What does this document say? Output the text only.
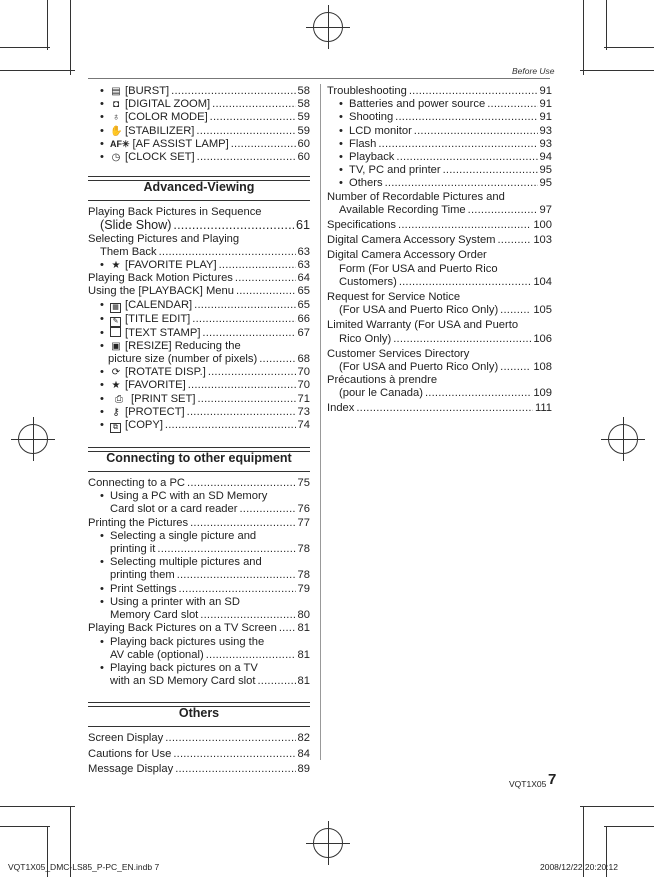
Before Use
• ▤ [BURST] .....	58
• ◘ [DIGITAL ZOOM] .....	58
• ♁ [COLOR MODE] .....	59
• ✋ [STABILIZER] .....	59
• AF✳ [AF ASSIST LAMP] .....	60
• ◷ [CLOCK SET] .....	60
Advanced-Viewing
Playing Back Pictures in Sequence
(Slide Show) .....	61
Selecting Pictures and Playing
Them Back .....	63
• ★ [FAVORITE PLAY] .....	63
Playing Back Motion Pictures .....	64
Using the [PLAYBACK] Menu .....	65
• ▦ [CALENDAR] .....	65
• ✎ [TITLE EDIT] .....	66
• [TEXT STAMP] .....	67
• ▣ [RESIZE] Reducing the
picture size (number of pixels) .....	68
• ⟳ [ROTATE DISP.] .....	70
• ★ [FAVORITE] .....	70
• ⎙ [PRINT SET] .....	71
• ⚷ [PROTECT] .....	73
• ⧉ [COPY] .....	74
Connecting to other equipment
Connecting to a PC .....	75
• Using a PC with an SD Memory
Card slot or a card reader .....	76
Printing the Pictures .....	77
• Selecting a single picture and
printing it .....	78
• Selecting multiple pictures and
printing them .....	78
• Print Settings .....	79
• Using a printer with an SD
Memory Card slot .....	80
Playing Back Pictures on a TV Screen ..... 81
• Playing back pictures using the
AV cable (optional) .....	81
• Playing back pictures on a TV
with an SD Memory Card slot .....	81
Others
Screen Display .....	82
Cautions for Use .....	84
Message Display .....	89
Troubleshooting .....	91
• Batteries and power source .....	91
• Shooting .....	91
• LCD monitor .....	93
• Flash .....	93
• Playback .....	94
• TV, PC and printer .....	95
• Others .....	95
Number of Recordable Pictures and
Available Recording Time .....	97
Specifications .....	100
Digital Camera Accessory System .....	103
Digital Camera Accessory Order
Form (For USA and Puerto Rico
Customers) .....	104
Request for Service Notice
(For USA and Puerto Rico Only) .....	105
Limited Warranty (For USA and Puerto
Rico Only) .....	106
Customer Services Directory
(For USA and Puerto Rico Only) .....	108
Précautions à prendre
(pour le Canada) .....	109
Index .....	111
VQT1X05 7
VQT1X05_DMC-LS85_P-PC_EN.indb 7	2008/12/22 20:20:12
